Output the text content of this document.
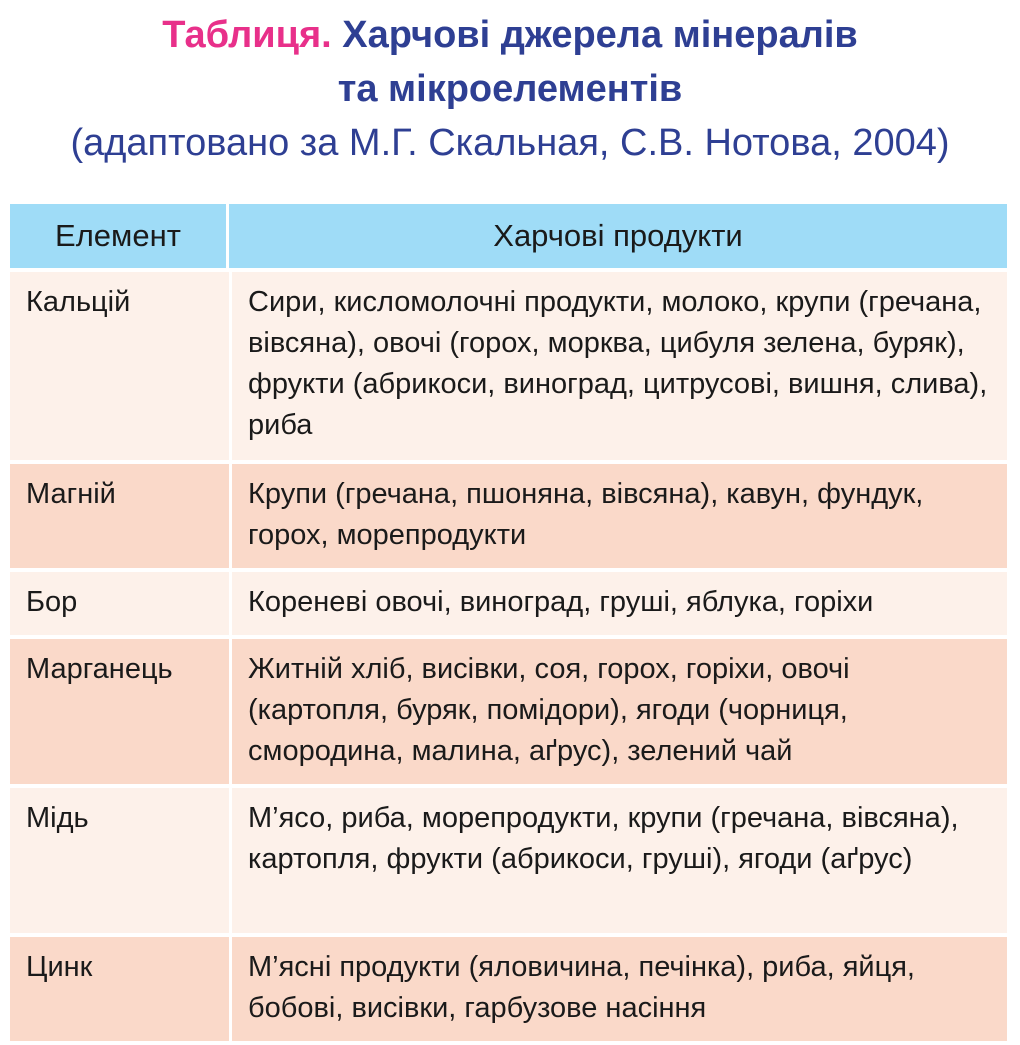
Таблиця. Харчові джерела мінералів
та мікроелементів
(адаптовано за М.Г. Скальная, С.В. Нотова, 2004)
Елемент	Харчові продукти
Кальцій	Сири, кисломолочні продукти, молоко, крупи (гречана, вівсяна), овочі (горох, морква, цибуля зелена, буряк), фрукти (абрикоси, виноград, цитрусові, вишня, слива), риба
Магній	Крупи (гречана, пшоняна, вівсяна), кавун, фундук, горох, морепродукти
Бор	Кореневі овочі, виноград, груші, яблука, горіхи
Марганець	Житній хліб, висівки, соя, горох, горіхи, овочі (картопля, буряк, помідори), ягоди (чорниця, смородина, малина, аґрус), зелений чай
Мідь	М’ясо, риба, морепродукти, крупи (гречана, вівсяна), картопля, фрукти (абрикоси, груші), ягоди (аґрус)
Цинк	М’ясні продукти (яловичина, печінка), риба, яйця, бобові, висівки, гарбузове насіння
